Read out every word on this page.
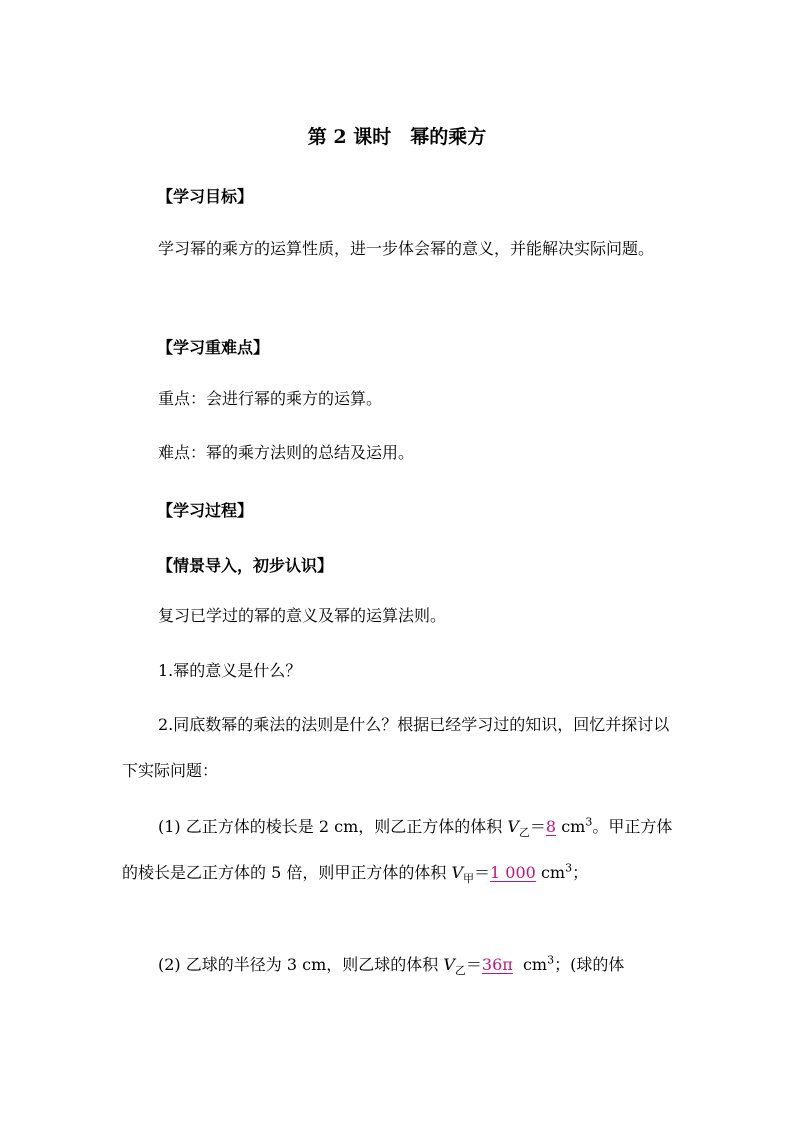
第 2 课时　幂的乘方
【学习目标】
学习幂的乘方的运算性质，进一步体会幂的意义，并能解决实际问题。
【学习重难点】
重点：会进行幂的乘方的运算。
难点：幂的乘方法则的总结及运用。
【学习过程】
【情景导入，初步认识】
复习已学过的幂的意义及幂的运算法则。
1.幂的意义是什么？
2.同底数幂的乘法的法则是什么？根据已经学习过的知识，回忆并探讨以下实际问题：
(1) 乙正方体的棱长是 2 cm，则乙正方体的体积 $V_乙=8$ $cm^3$。甲正方体的棱长是乙正方体的 5 倍，则甲正方体的体积 $V_甲=1$ 000 $cm^3$；
(2) 乙球的半径为 3 cm，则乙球的体积 $V_乙=36\pi$ $cm^3$；(球的体
